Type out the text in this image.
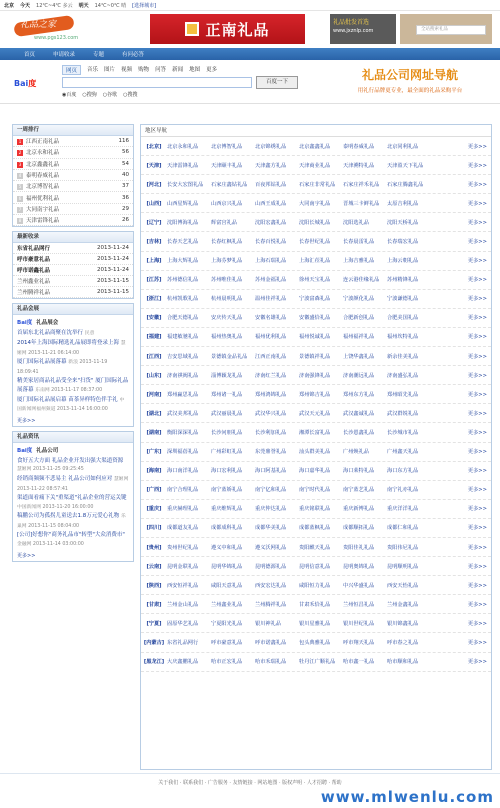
北京 今天 12℃~4℃ 多云 明天 14℃~0℃ 晴 [选择城市]
礼品之家
www.pgs123.com	正南礼品	礼品批发首选
www.jxznlp.com	全站搜索礼品
首页	申请收录	专题	有问必答
网页	音乐 图片 视频 购物 问答 新闻 地图 更多
Bai度	百度一下
◉百度 ○搜狗 ○谷歌 ○搜搜
礼品公司网址导航
用礼行品牌更专业，最全面的礼品采购平台
一周排行
1 江西正南礼品	116
2 北京永和礼品	56
3 北京鑫鑫礼品	54
4 泰明春威礼品	40
5 北京博智礼品	37
6 福州优利礼品	36
7 大同南宇礼品	29
8 天津雷锋礼品	26
最新收录
东省礼品网行	2013-11-24
呼市豪意礼品	2013-11-24
呼市诺鑫礼品	2013-11-24
兰州鑫业礼品	2013-11-15
兰州腾祥礼品	2013-11-15
礼品会展
Bai度 礼品展会
首届东北礼品商聚在沈举行 民意
2014年上海国际精选礼品展即将登录上海 慧姬网 2013-11-21 06:14:00
厦门国际礼品展落幕 新浪 2013-11-19 18:09:41
精美家居商品礼品受全来"扫货" 厦门国际礼品展落幕 东南网 2013-11-17 08:37:00
厦门国际礼品展启幕 苗茶异样特色伴手礼 中国新闻网福州频道 2013-11-14 16:00:00
更多>>
礼品资讯
Bai度 礼品公司
食好五大方面 礼品企业开发出强大渠道资源 慧姬网 2013-11-25 09:25:45
经销商频频不悲易主 礼品公司如何应对 慧姬网 2013-11-22 08:57:41
渠道面看痛下关"重渠道"礼品企业的营运关键 中国新闻网 2013-11-20 16:00:00
稿鹏公司为孤拐儿童送去1.8万元爱心礼物 乐巢网 2013-11-15 08:04:00
[公司]好想你"商务礼品市"转型"大众消费市" 金融网 2013-11-14 03:00:00
更多>>
地区导航
[北京]	北京永和礼品	北京博智礼品	北京锦绣礼品	北京鑫鑫礼品	泰明春威礼品	北京同利礼品	更多>>
[天津]	天津雷锋礼品	天津颐丰礼品	天津鑫方礼品	天津商业礼品	天津溯特礼品	天津盈天下礼品	更多>>
[河北]	长安大宏图礼品	石家庄鑫钻礼品	百夜邦钻礼品	石家庄非常礼品	石家庄祥禾礼品	石家庄腾鑫礼品	更多>>
[山西]	山西星辉礼品	山西京兴礼品	山西王成礼品	大同南宇礼品	晋城三卡鲜礼品	太原吉利礼品	更多>>
[辽宁]	沈阳博海礼品	辉富宫礼品	沈阳宏鑫礼品	沈阳长城礼品	沈阳选礼品	沈阳天桥礼品	更多>>
[吉林]	长春天艺礼品	长春红枫礼品	长春百悦礼品	长春世纪礼品	长春晨雷礼品	长春瑞宏礼品	更多>>
[上海]	上海大辉礼品	上海芬梦礼品	上海石瑞礼品	上海汇莅礼品	上海吉雅礼品	上海云朝礼品	更多>>
[江苏]	苏州德信礼品	苏州唯佳礼品	苏州金福礼品	徐州天宝礼品	连云港佳缘礼品	苏州精锋礼品	更多>>
[浙江]	杭州凯歌礼品	杭州晨明礼品	温州佳祥礼品	宁波富森礼品	宁波颜化礼品	宁波谦德礼品	更多>>
[安徽]	合肥天德礼品	安庆传天礼品	安徽名雄礼品	安徽盛恰礼品	合肥新创礼品	合肥美国礼品	更多>>
[福建]	福建敏驰礼品	福州热奥礼品	福州优利礼品	福州悦诚礼品	福州福祥礼品	福州坎特礼品	更多>>
[江西]	吉安思域礼品	景德镇金品礼品	江西正南礼品	景德镇祥礼品	上饶华鑫礼品	新余佳美礼品	更多>>
[山东]	济南祺阀礼品	淄博颖龙礼品	济南红兰礼品	济南强锋礼品	济南潮远礼品	济南盛弘礼品	更多>>
[河南]	郑州赢思礼品	郑州诸一礼品	郑州鸿锦礼品	郑州锦吉礼品	郑州东方礼品	郑州昭先礼品	更多>>
[湖北]	武汉美邦礼品	武汉丽晨礼品	武汉华兴礼品	武汉天元礼品	武汉鑫诚礼品	武汉群锐礼品	更多>>
[湖南]	衡阳深深礼品	长沙问朋礼品	长沙利加礼品	湘潭长富礼品	长沙恩鑫礼品	长沙城市礼品	更多>>
[广东]	深圳福蓓礼品	广州彩虹礼品	东莞鼎誉礼品	汕头群美礼品	广州焕礼品	广州鑫天礼品	更多>>
[海南]	海口南洋礼品	海口宏利礼品	海口阿基礼品	海口嘉华礼品	海口莱特礼品	海口东方礼品	更多>>
[广西]	南宁合理礼品	南宁蓝娇礼品	南宁亿和礼品	南宁时代礼品	南宁蓝艺礼品	南宁礼亦礼品	更多>>
[重庆]	重庆赫理礼品	重庆维辉礼品	重庆仲达礼品	重庆铭联礼品	重庆新博礼品	重庆洋洋礼品	更多>>
[四川]	成都道友礼品	成都成科礼品	成都华美礼品	成都蓝枫礼品	成都顺拓礼品	成都仁和礼品	更多>>
[贵州]	贵州世纪礼品	遵义中和礼品	遵义沃网礼品	贵阳麒天礼品	贵阳佳礼礼品	贵阳伟尼礼品	更多>>
[云南]	昆明金联礼品	昆明华锦礼品	昆明德源礼品	昆明信意礼品	昆明奥锦礼品	昆明顺明礼品	更多>>
[陕西]	西安恒祥礼品	咸阳天意礼品	西安宏达礼品	咸阳恒力礼品	中兴华盛礼品	西安天怡礼品	更多>>
[甘肃]	兰州金山礼品	兰州鑫业礼品	兰州腾祥礼品	甘肃禾恰礼品	兰州恒昌礼品	兰州金鑫礼品	更多>>
[宁夏]	固原华艺礼品	宁夏阳光礼品	银川神礼品	银川星雅礼品	银川世纪礼品	银川锦鑫礼品	更多>>
[内蒙古] 东省礼品网行	呼市豪意礼品	呼市诺鑫礼品	包头典雅礼品	呼市翔天礼品	呼市春之礼品	更多>>
[黑龙江] 大庆鑫鹏礼品	哈市正宏礼品	哈市禾瑞礼品	牡丹江广顺礼品	哈市鑫一礼品	哈市顺和礼品	更多>>
关于我们 · 联系我们 · 广告服务 · 友情链接 · 网站地图 · 版权声明 · 人才招聘 · 帮助
www.mlwenlu.com
